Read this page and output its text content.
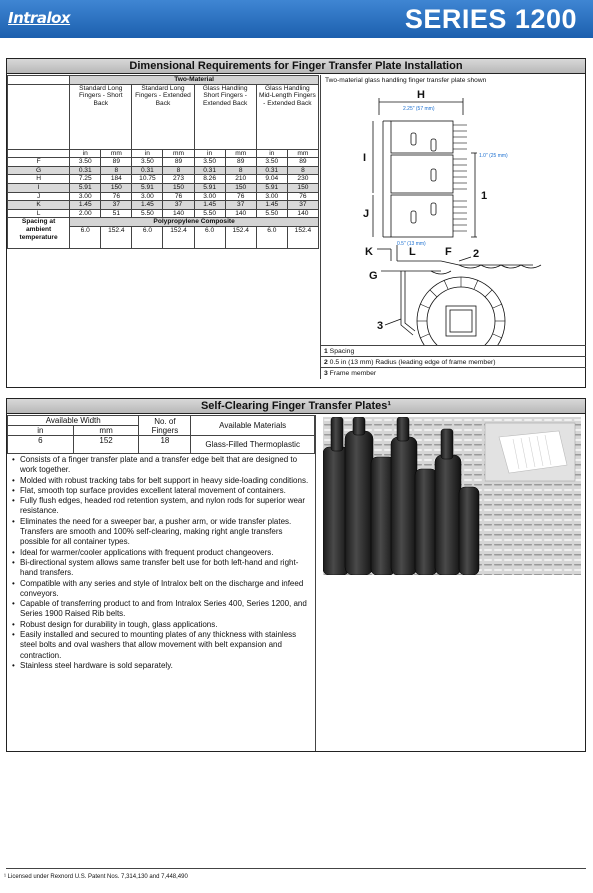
Intralox	SERIES 1200
Dimensional Requirements for Finger Transfer Plate Installation
	Two-Material							
	Standard Long Fingers - Short Back		Standard Long Fingers - Extended Back		Glass Handling Short Fingers - Extended Back		Glass Handling Mid-Length Fingers - Extended Back	
	in	mm	in	mm	in	mm	in	mm
F	3.50	89	3.50	89	3.50	89	3.50	89
G	0.31	8	0.31	8	0.31	8	0.31	8
H	7.25	184	10.75	273	8.26	210	9.04	230
I	5.91	150	5.91	150	5.91	150	5.91	150
J	3.00	76	3.00	76	3.00	76	3.00	76
K	1.45	37	1.45	37	1.45	37	1.45	37
L	2.00	51	5.50	140	5.50	140	5.50	140
Spacing at ambient temperature	Polypropylene Composite							
	6.0	152.4	6.0	152.4	6.0	152.4	6.0	152.4
Two-material glass handling finger transfer plate shown
H
I
J
K	L	F
G
1
2
3
2.25" (57 mm)
1.0" (25 mm)
0.5" (13 mm)
1 Spacing
2 0.5 in (13 mm) Radius (leading edge of frame member)
3 Frame member
Self-Clearing Finger Transfer Plates¹
Available Width		No. of Fingers	Available Materials
in	mm		
6	152	18	Glass-Filled Thermoplastic
• Consists of a finger transfer plate and a transfer edge belt that are designed to work together.
• Molded with robust tracking tabs for belt support in heavy side-loading conditions.
• Flat, smooth top surface provides excellent lateral movement of containers.
• Fully flush edges, headed rod retention system, and nylon rods for superior wear resistance.
• Eliminates the need for a sweeper bar, a pusher arm, or wide transfer plates. Transfers are smooth and 100% self-clearing, making right angle transfers possible for all container types.
• Ideal for warmer/cooler applications with frequent product changeovers.
• Bi-directional system allows same transfer belt use for both left-hand and right-hand transfers.
• Compatible with any series and style of Intralox belt on the discharge and infeed conveyors.
• Capable of transferring product to and from Intralox Series 400, Series 1200, and Series 1900 Raised Rib belts.
• Robust design for durability in tough, glass applications.
• Easily installed and secured to mounting plates of any thickness with stainless steel bolts and oval washers that allow movement with belt expansion and contraction.
• Stainless steel hardware is sold separately.
¹ Licensed under Rexnord U.S. Patent Nos. 7,314,130 and 7,448,490
